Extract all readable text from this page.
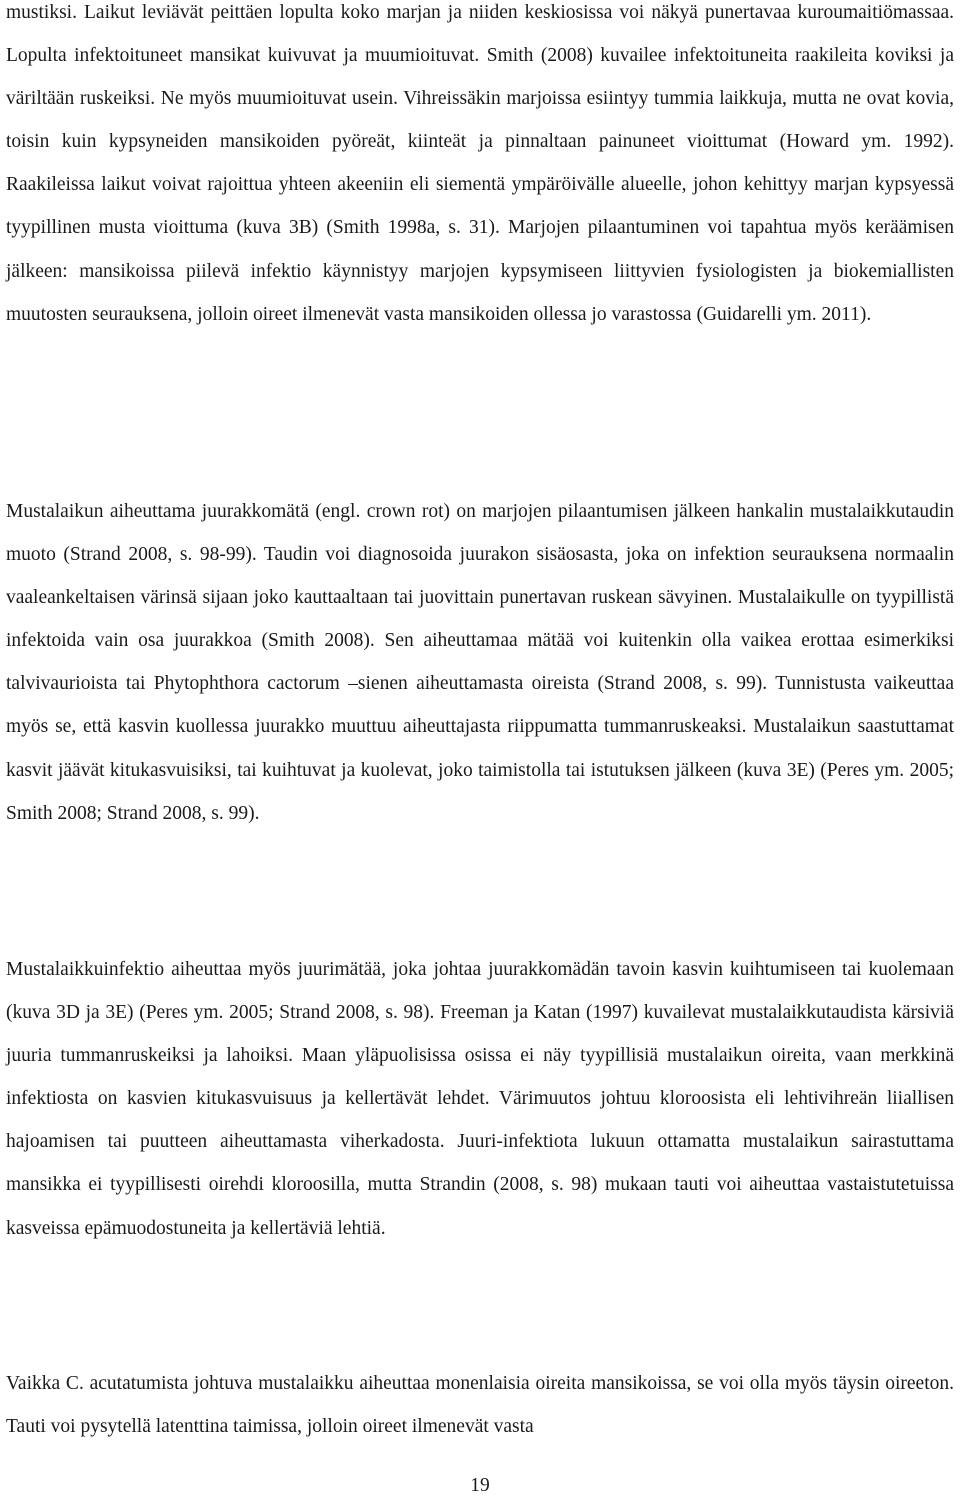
mustiksi. Laikut leviävät peittäen lopulta koko marjan ja niiden keskiosissa voi näkyä punertavaa kuroumaitiömassaa. Lopulta infektoituneet mansikat kuivuvat ja muumioituvat. Smith (2008) kuvailee infektoituneita raakileita koviksi ja väriltään ruskeiksi. Ne myös muumioituvat usein. Vihreissäkin marjoissa esiintyy tummia laikkuja, mutta ne ovat kovia, toisin kuin kypsyneiden mansikoiden pyöreät, kiinteät ja pinnaltaan painuneet vioittumat (Howard ym. 1992). Raakileissa laikut voivat rajoittua yhteen akeeniin eli siementä ympäröivälle alueelle, johon kehittyy marjan kypsyessä tyypillinen musta vioittuma (kuva 3B) (Smith 1998a, s. 31). Marjojen pilaantuminen voi tapahtua myös keräämisen jälkeen: mansikoissa piilevä infektio käynnistyy marjojen kypsymiseen liittyvien fysiologisten ja biokemiallisten muutosten seurauksena, jolloin oireet ilmenevät vasta mansikoiden ollessa jo varastossa (Guidarelli ym. 2011).

Mustalaikun aiheuttama juurakkomätä (engl. crown rot) on marjojen pilaantumisen jälkeen hankalin mustalaikkutaudin muoto (Strand 2008, s. 98-99). Taudin voi diagnosoida juurakon sisäosasta, joka on infektion seurauksena normaalin vaaleankeltaisen värinsä sijaan joko kauttaaltaan tai juovittain punertavan ruskean sävyinen. Mustalaikulle on tyypillistä infektoida vain osa juurakkoa (Smith 2008). Sen aiheuttamaa mätää voi kuitenkin olla vaikea erottaa esimerkiksi talvivaurioista tai Phytophthora cactorum –sienen aiheuttamasta oireista (Strand 2008, s. 99). Tunnistusta vaikeuttaa myös se, että kasvin kuollessa juurakko muuttuu aiheuttajasta riippumatta tummanruskeaksi. Mustalaikun saastuttamat kasvit jäävät kitukasvuisiksi, tai kuihtuvat ja kuolevat, joko taimistolla tai istutuksen jälkeen (kuva 3E) (Peres ym. 2005; Smith 2008; Strand 2008, s. 99).

Mustalaikkuinfektio aiheuttaa myös juurimätää, joka johtaa juurakkomädän tavoin kasvin kuihtumiseen tai kuolemaan (kuva 3D ja 3E) (Peres ym. 2005; Strand 2008, s. 98). Freeman ja Katan (1997) kuvailevat mustalaikkutaudista kärsiviä juuria tummanruskeiksi ja lahoiksi. Maan yläpuolisissa osissa ei näy tyypillisiä mustalaikun oireita, vaan merkkinä infektiosta on kasvien kitukasvuisuus ja kellertävät lehdet. Värimuutos johtuu kloroosista eli lehtivihreän liiallisen hajoamisen tai puutteen aiheuttamasta viherkadosta. Juuri-infektiota lukuun ottamatta mustalaikun sairastuttama mansikka ei tyypillisesti oirehdi kloroosilla, mutta Strandin (2008, s. 98) mukaan tauti voi aiheuttaa vastaistutetuissa kasveissa epämuodostuneita ja kellertäviä lehtiä.

Vaikka C. acutatumista johtuva mustalaikku aiheuttaa monenlaisia oireita mansikoissa, se voi olla myös täysin oireeton. Tauti voi pysytellä latenttina taimissa, jolloin oireet ilmenevät vasta

19
